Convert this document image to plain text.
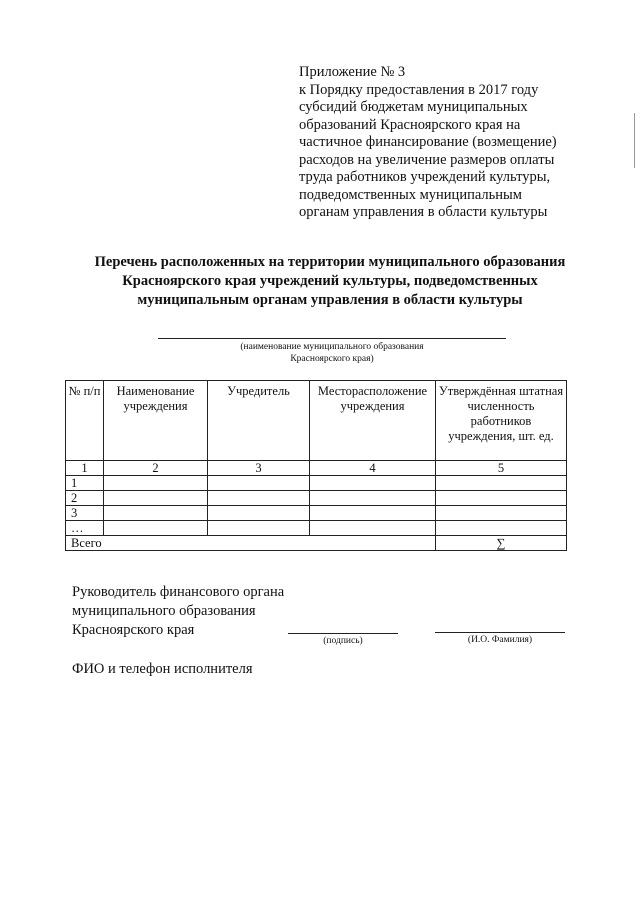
Приложение № 3
к Порядку предоставления в 2017 году
субсидий бюджетам муниципальных
образований Красноярского края на
частичное финансирование (возмещение)
расходов на увеличение размеров оплаты
труда работников учреждений культуры,
подведомственных муниципальным
органам управления в области культуры
Перечень расположенных на территории муниципального образования
Красноярского края учреждений культуры, подведомственных
муниципальным органам управления в области культуры
(наименование муниципального образования
Красноярского края)
№ п/п	Наименование учреждения	Учредитель	Месторасположение учреждения	Утверждённая штатная численность работников учреждения, шт. ед.
1	2	3	4	5
1				
2				
3				
…				
Всего				∑
Руководитель финансового органа
муниципального образования
Красноярского края
(подпись)	(И.О. Фамилия)
ФИО и телефон исполнителя
